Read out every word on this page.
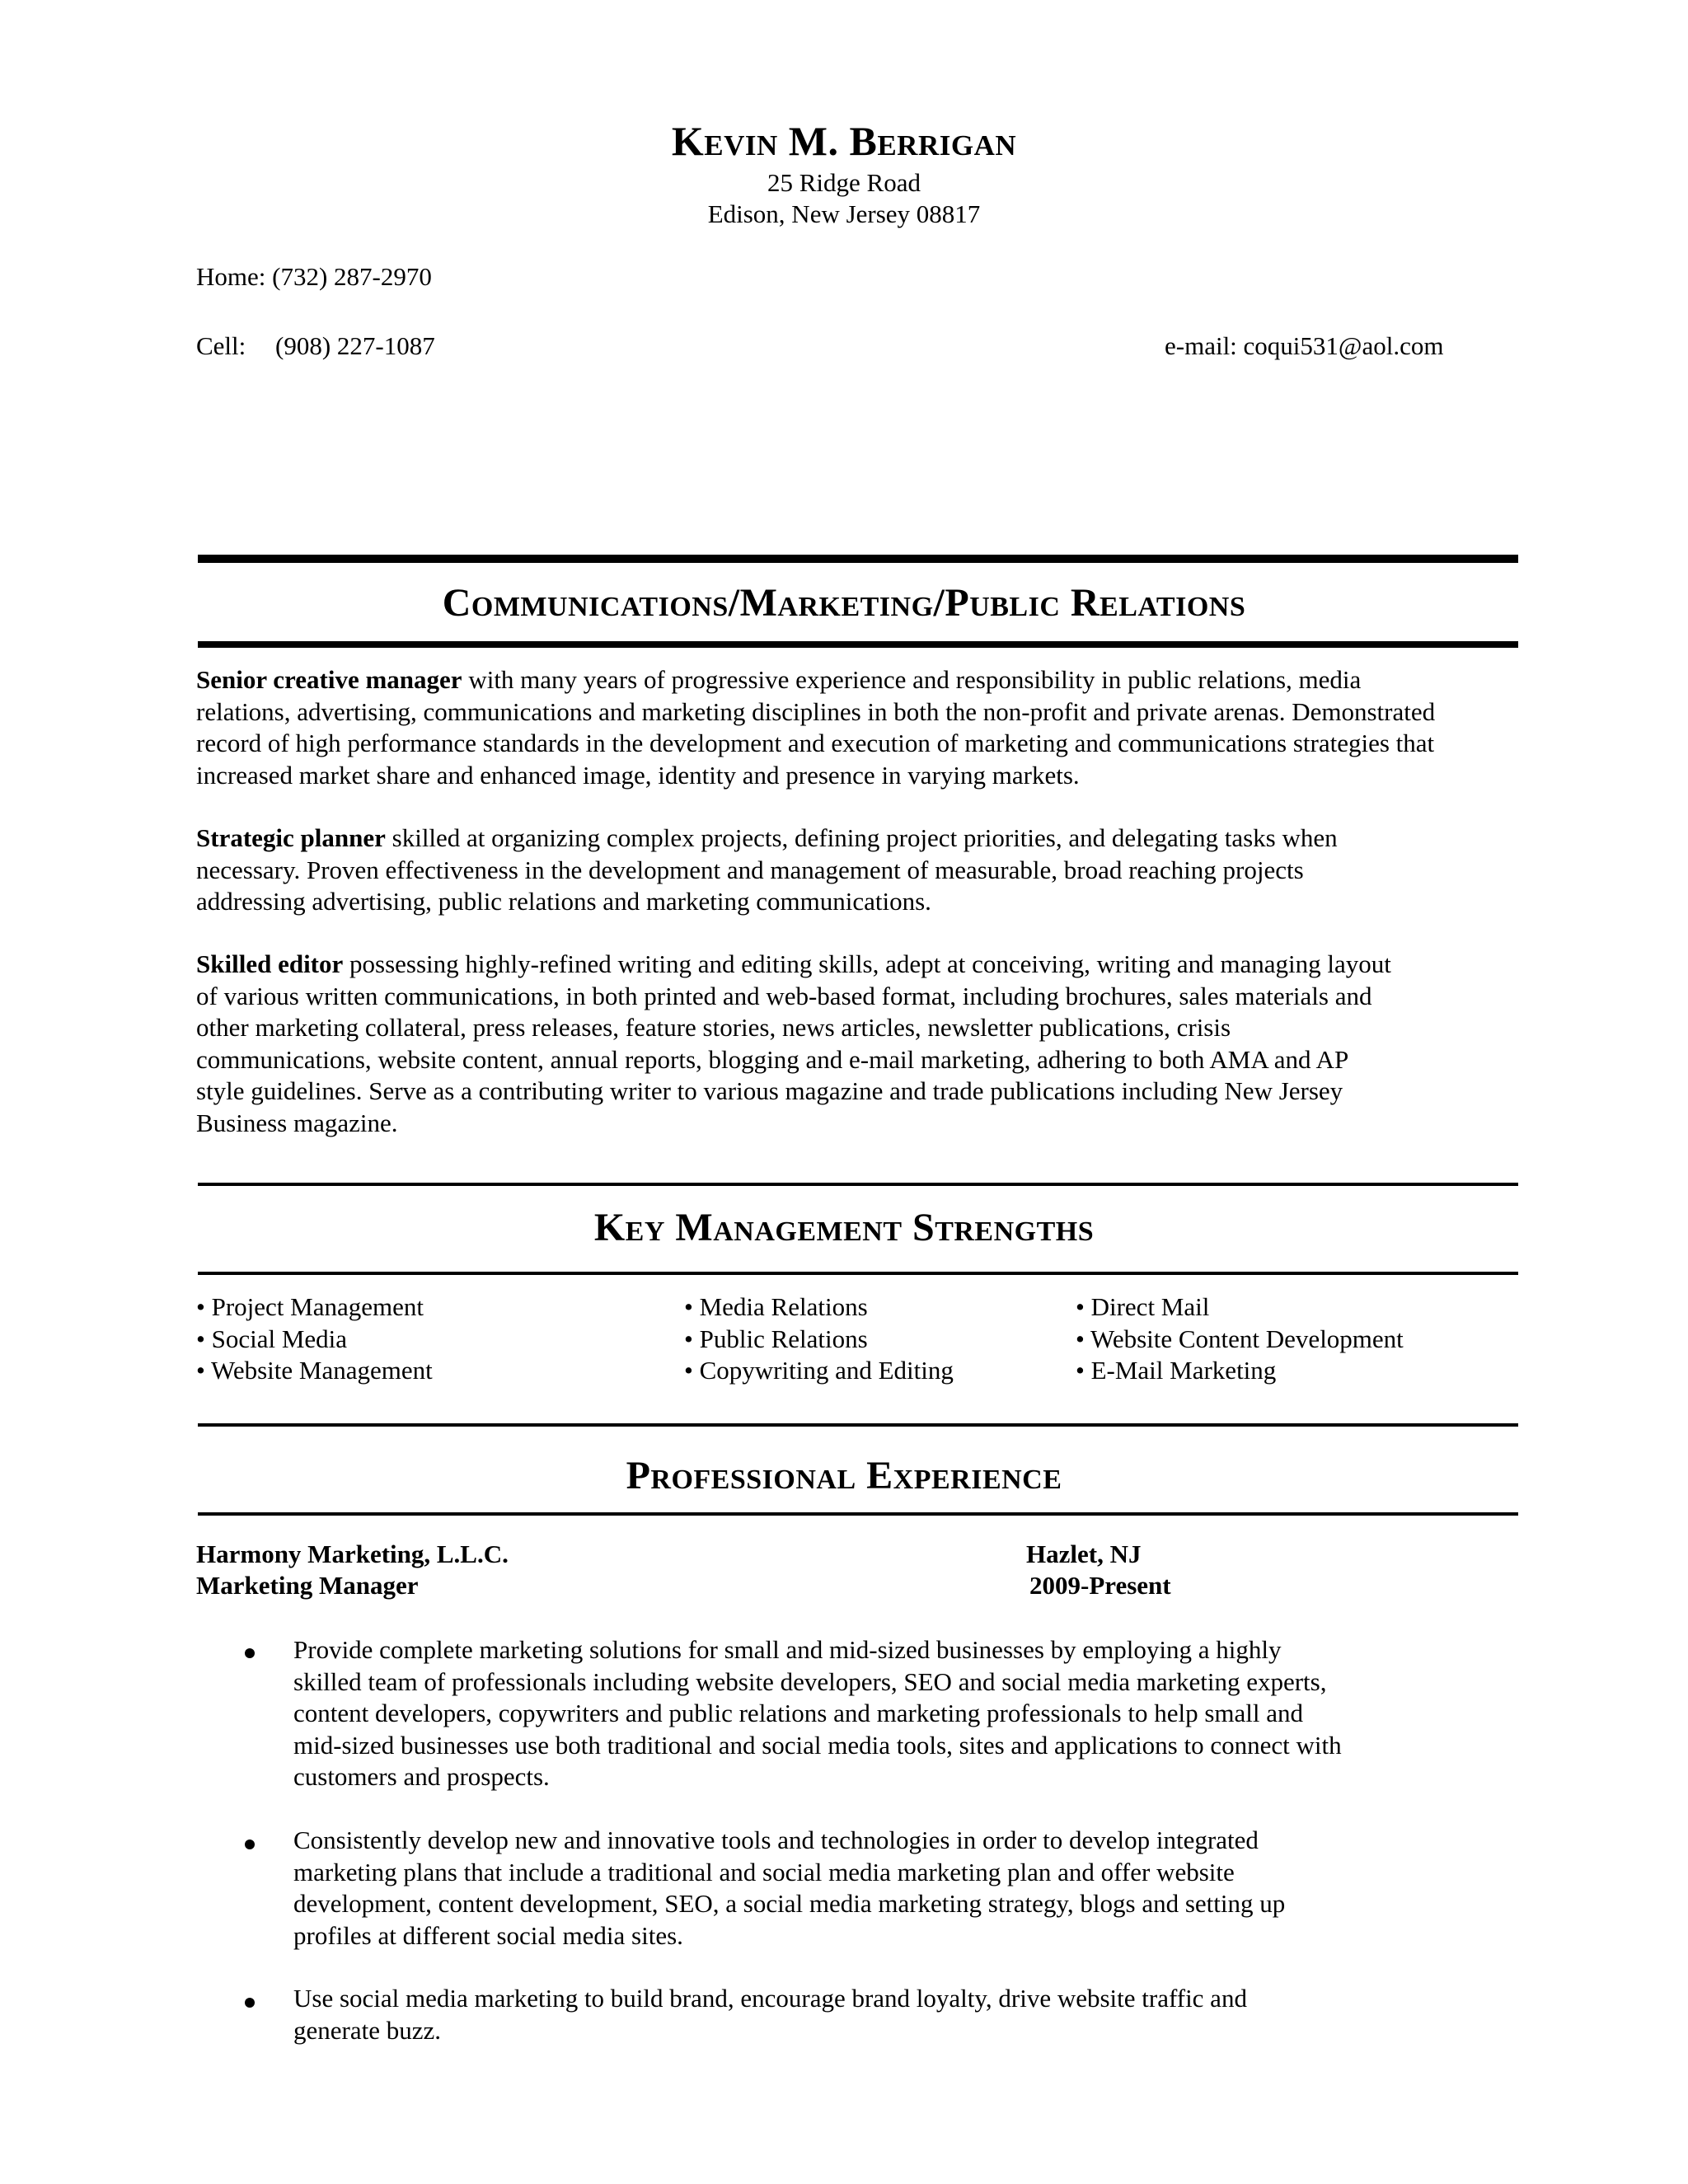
Kevin M. Berrigan
25 Ridge Road
Edison, New Jersey 08817
Home: (732) 287-2970
Cell: (908) 227-1087	e-mail: coqui531@aol.com
Communications/Marketing/Public Relations
Senior creative manager with many years of progressive experience and responsibility in public relations, media
relations, advertising, communications and marketing disciplines in both the non-profit and private arenas. Demonstrated
record of high performance standards in the development and execution of marketing and communications strategies that
increased market share and enhanced image, identity and presence in varying markets.
Strategic planner skilled at organizing complex projects, defining project priorities, and delegating tasks when
necessary. Proven effectiveness in the development and management of measurable, broad reaching projects
addressing advertising, public relations and marketing communications.
Skilled editor possessing highly-refined writing and editing skills, adept at conceiving, writing and managing layout
of various written communications, in both printed and web-based format, including brochures, sales materials and
other marketing collateral, press releases, feature stories, news articles, newsletter publications, crisis
communications, website content, annual reports, blogging and e-mail marketing, adhering to both AMA and AP
style guidelines. Serve as a contributing writer to various magazine and trade publications including New Jersey
Business magazine.
Key Management Strengths
• Project Management
• Social Media
• Website Management
• Media Relations
• Public Relations
• Copywriting and Editing
• Direct Mail
• Website Content Development
• E-Mail Marketing
Professional Experience
Harmony Marketing, L.L.C.	Hazlet, NJ
Marketing Manager	2009-Present
Provide complete marketing solutions for small and mid-sized businesses by employing a highly
skilled team of professionals including website developers, SEO and social media marketing experts,
content developers, copywriters and public relations and marketing professionals to help small and
mid-sized businesses use both traditional and social media tools, sites and applications to connect with
customers and prospects.
Consistently develop new and innovative tools and technologies in order to develop integrated
marketing plans that include a traditional and social media marketing plan and offer website
development, content development, SEO, a social media marketing strategy, blogs and setting up
profiles at different social media sites.
Use social media marketing to build brand, encourage brand loyalty, drive website traffic and
generate buzz.
